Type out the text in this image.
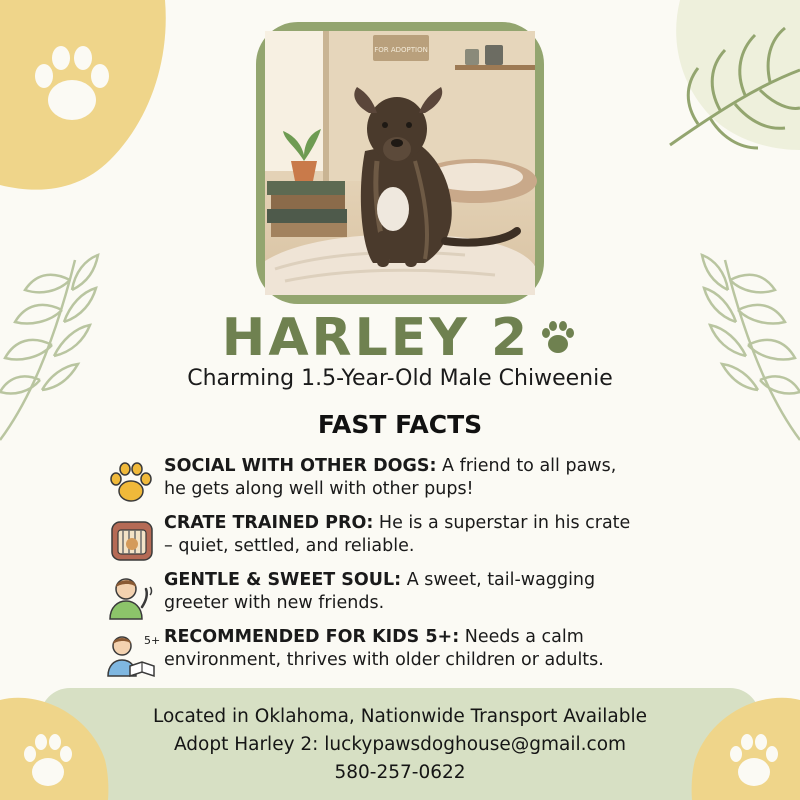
FOR ADOPTION
HARLEY 2
Charming 1.5-Year-Old Male Chiweenie
FAST FACTS
SOCIAL WITH OTHER DOGS: A friend to all paws,
he gets along well with other pups!
CRATE TRAINED PRO: He is a superstar in his crate
– quiet, settled, and reliable.
GENTLE & SWEET SOUL: A sweet, tail-wagging
greeter with new friends.
5+ RECOMMENDED FOR KIDS 5+: Needs a calm
environment, thrives with older children or adults.
Located in Oklahoma, Nationwide Transport Available
Adopt Harley 2: luckypawsdoghouse@gmail.com
580-257-0622
